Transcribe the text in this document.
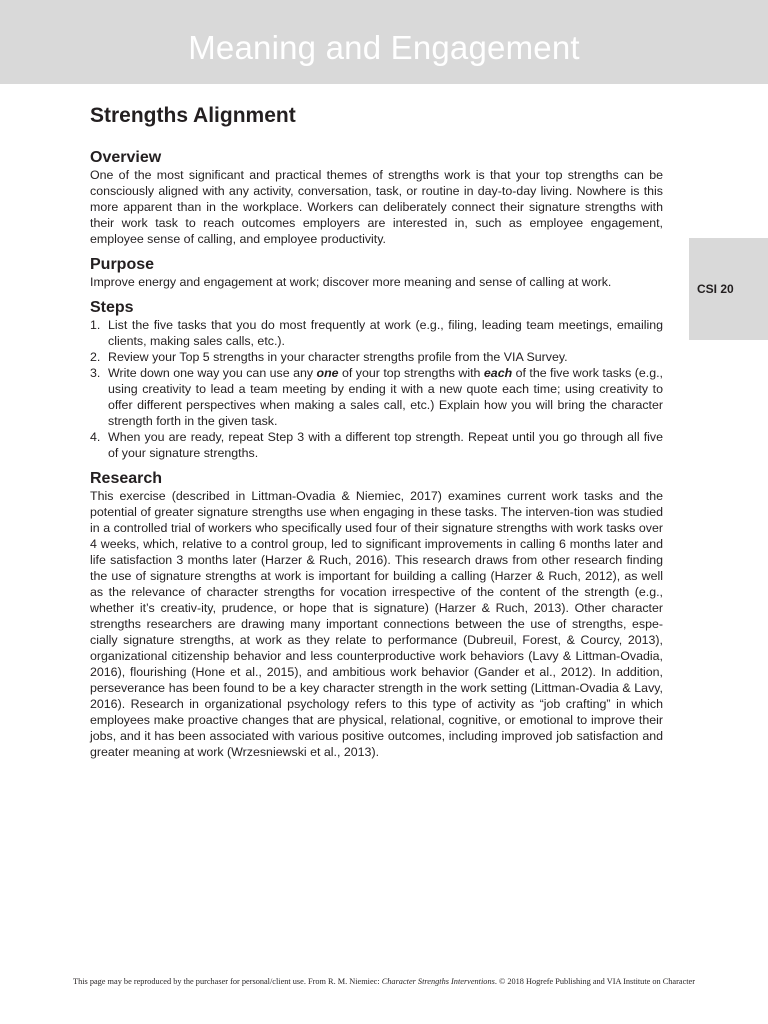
Meaning and Engagement
CSI 20
Strengths Alignment
Overview

One of the most significant and practical themes of strengths work is that your top strengths can be consciously aligned with any activity, conversation, task, or routine in day-to-day living. Nowhere is this more apparent than in the workplace. Workers can deliberately connect their signature strengths with their work task to reach outcomes employers are interested in, such as employee engagement, employee sense of calling, and employee productivity.

Purpose

Improve energy and engagement at work; discover more meaning and sense of calling at work.

Steps
1. List the five tasks that you do most frequently at work (e.g., filing, leading team meetings, emailing clients, making sales calls, etc.).
2. Review your Top 5 strengths in your character strengths profile from the VIA Survey.
3. Write down one way you can use any one of your top strengths with each of the five work tasks (e.g., using creativity to lead a team meeting by ending it with a new quote each time; using creativity to offer different perspectives when making a sales call, etc.) Explain how you will bring the character strength forth in the given task.
4. When you are ready, repeat Step 3 with a different top strength. Repeat until you go through all five of your signature strengths.
Research

This exercise (described in Littman-Ovadia & Niemiec, 2017) examines current work tasks and the potential of greater signature strengths use when engaging in these tasks. The interven-tion was studied in a controlled trial of workers who specifically used four of their signature strengths with work tasks over 4 weeks, which, relative to a control group, led to significant improvements in calling 6 months later and life satisfaction 3 months later (Harzer & Ruch, 2016). This research draws from other research finding the use of signature strengths at work is important for building a calling (Harzer & Ruch, 2012), as well as the relevance of character strengths for vocation irrespective of the content of the strength (e.g., whether it’s creativ-ity, prudence, or hope that is signature) (Harzer & Ruch, 2013). Other character strengths researchers are drawing many important connections between the use of strengths, espe-cially signature strengths, at work as they relate to performance (Dubreuil, Forest, & Courcy, 2013), organizational citizenship behavior and less counterproductive work behaviors (Lavy & Littman-Ovadia, 2016), flourishing (Hone et al., 2015), and ambitious work behavior (Gander et al., 2012). In addition, perseverance has been found to be a key character strength in the work setting (Littman-Ovadia & Lavy, 2016). Research in organizational psychology refers to this type of activity as “job crafting” in which employees make proactive changes that are physical, relational, cognitive, or emotional to improve their jobs, and it has been associated with various positive outcomes, including improved job satisfaction and greater meaning at work (Wrzesniewski et al., 2013).

This page may be reproduced by the purchaser for personal/client use. From R. M. Niemiec: Character Strengths Interventions. © 2018 Hogrefe Publishing and VIA Institute on Character
